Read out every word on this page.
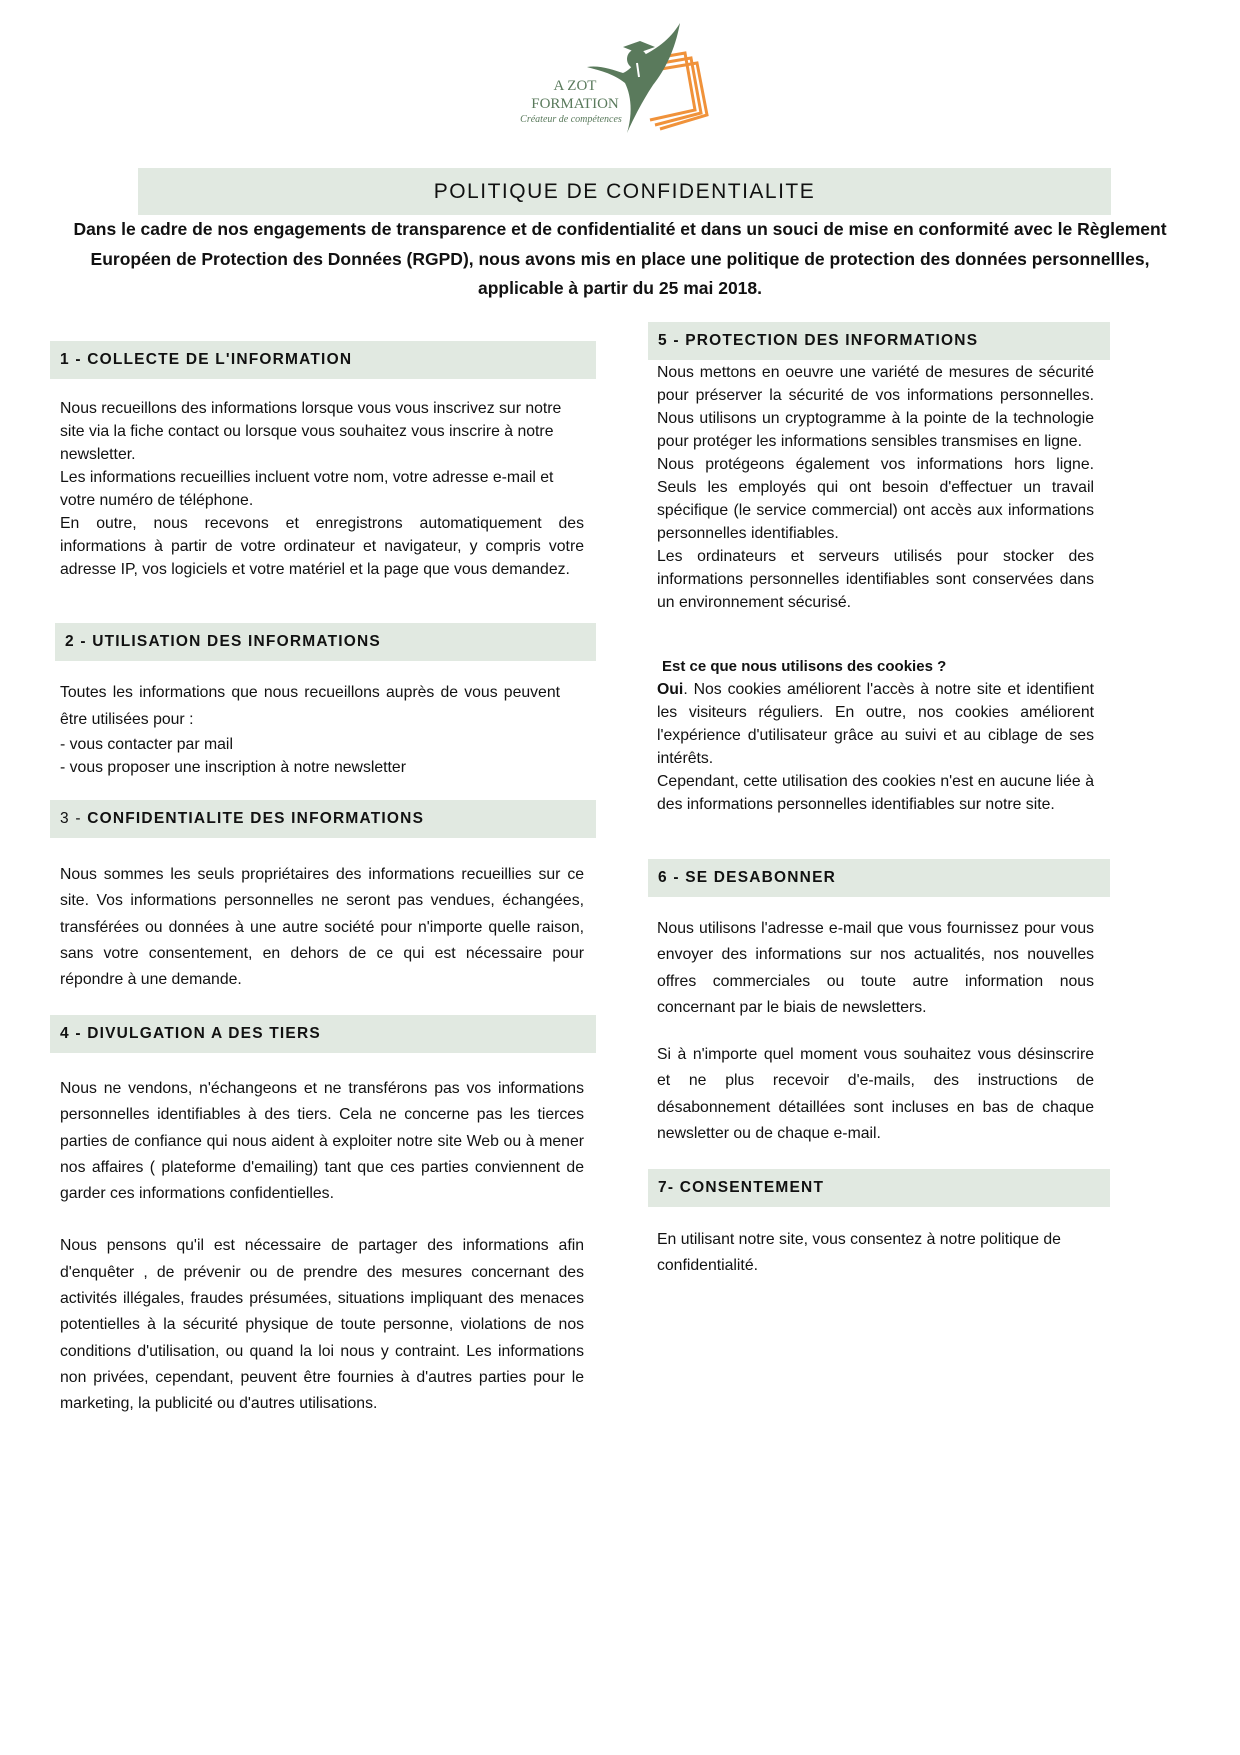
A ZOT
FORMATION
Créateur de compétences
POLITIQUE DE CONFIDENTIALITE
Dans le cadre de nos engagements de transparence et de confidentialité et dans un souci de mise en conformité avec le Règlement Européen de Protection des Données (RGPD), nous avons mis en place une politique de protection des données personnellles, applicable à partir du 25 mai 2018.
1 - COLLECTE DE L'INFORMATION

Nous recueillons des informations lorsque vous vous inscrivez sur notre site via la fiche contact ou lorsque vous souhaitez vous inscrire à notre newsletter.

Les informations recueillies incluent votre nom, votre adresse e-mail et votre numéro de téléphone.

En outre, nous recevons et enregistrons automatiquement des informations à partir de votre ordinateur et navigateur, y compris votre adresse IP, vos logiciels et votre matériel et la page que vous demandez.

2 - UTILISATION DES INFORMATIONS

Toutes les informations que nous recueillons auprès de vous peuvent être utilisées pour :

- vous contacter par mail

- vous proposer une inscription à notre newsletter

3 - CONFIDENTIALITE DES INFORMATIONS

Nous sommes les seuls propriétaires des informations recueillies sur ce site. Vos informations personnelles ne seront pas vendues, échangées, transférées ou données à une autre société pour n'importe quelle raison, sans votre consentement, en dehors de ce qui est nécessaire pour répondre à une demande.

4 - DIVULGATION A DES TIERS

Nous ne vendons, n'échangeons et ne transférons pas vos informations personnelles identifiables à des tiers. Cela ne concerne pas les tierces parties de confiance qui nous aident à exploiter notre site Web ou à mener nos affaires ( plateforme d'emailing) tant que ces parties conviennent de garder ces informations confidentielles.

Nous pensons qu'il est nécessaire de partager des informations afin d'enquêter , de prévenir ou de prendre des mesures concernant des activités illégales, fraudes présumées, situations impliquant des menaces potentielles à la sécurité physique de toute personne, violations de nos conditions d'utilisation, ou quand la loi nous y contraint. Les informations non privées, cependant, peuvent être fournies à d'autres parties pour le marketing, la publicité ou d'autres utilisations.

5 - PROTECTION DES INFORMATIONS

Nous mettons en oeuvre une variété de mesures de sécurité pour préserver la sécurité de vos informations personnelles. Nous utilisons un cryptogramme à la pointe de la technologie pour protéger les informations sensibles transmises en ligne.

Nous protégeons également vos informations hors ligne. Seuls les employés qui ont besoin d'effectuer un travail spécifique (le service commercial) ont accès aux informations personnelles identifiables.

Les ordinateurs et serveurs utilisés pour stocker des informations personnelles identifiables sont conservées dans un environnement sécurisé.

Est ce que nous utilisons des cookies ?

Oui. Nos cookies améliorent l'accès à notre site et identifient les visiteurs réguliers. En outre, nos cookies améliorent l'expérience d'utilisateur grâce au suivi et au ciblage de ses intérêts.

Cependant, cette utilisation des cookies n'est en aucune liée à des informations personnelles identifiables sur notre site.

6 - SE DESABONNER

Nous utilisons l'adresse e-mail que vous fournissez pour vous envoyer des informations sur nos actualités, nos nouvelles offres commerciales ou toute autre information nous concernant par le biais de newsletters.

Si à n'importe quel moment vous souhaitez vous désinscrire et ne plus recevoir d'e-mails, des instructions de désabonnement détaillées sont incluses en bas de chaque newsletter ou de chaque e-mail.

7- CONSENTEMENT

En utilisant notre site, vous consentez à notre politique de confidentialité.
